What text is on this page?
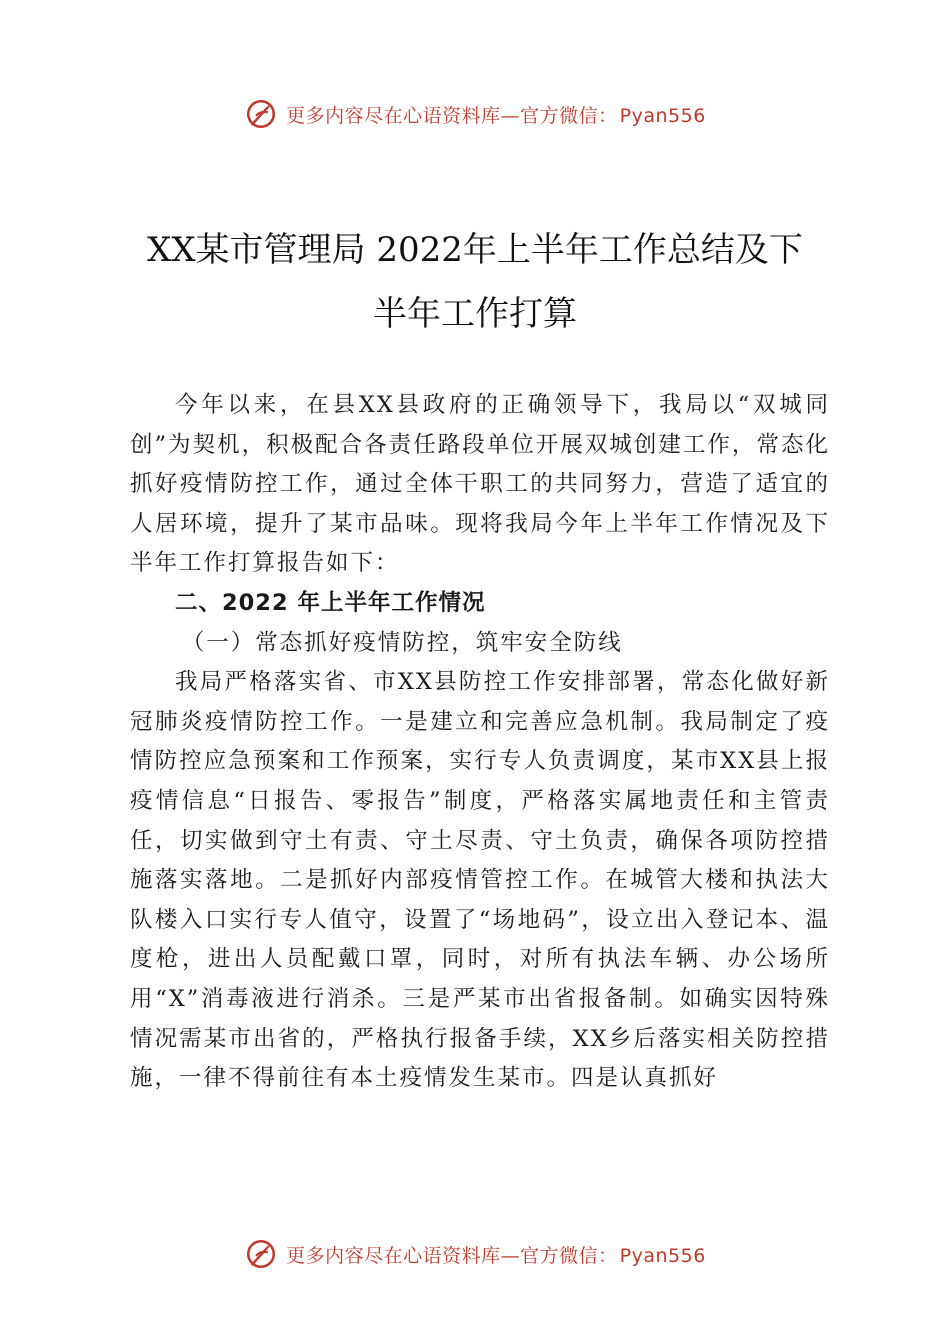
更多内容尽在心语资料库—官方微信： Pyan556
XX某市管理局 2022年上半年工作总结及下
半年工作打算

今年以来，在县XX县政府的正确领导下，我局以“双城同创”为契机，积极配合各责任路段单位开展双城创建工作，常态化抓好疫情防控工作，通过全体干职工的共同努力，营造了适宜的人居环境，提升了某市品味。现将我局今年上半年工作情况及下半年工作打算报告如下：

二、2022 年上半年工作情况
（一）常态抓好疫情防控，筑牢安全防线

我局严格落实省、市XX县防控工作安排部署，常态化做好新冠肺炎疫情防控工作。一是建立和完善应急机制。我局制定了疫情防控应急预案和工作预案，实行专人负责调度，某市XX县上报疫情信息“日报告、零报告”制度，严格落实属地责任和主管责任，切实做到守土有责、守土尽责、守土负责，确保各项防控措施落实落地。二是抓好内部疫情管控工作。在城管大楼和执法大队楼入口实行专人值守，设置了“场地码”，设立出入登记本、温度枪，进出人员配戴口罩，同时，对所有执法车辆、办公场所用“X”消毒液进行消杀。三是严某市出省报备制。如确实因特殊情况需某市出省的，严格执行报备手续，XX乡后落实相关防控措施，一律不得前往有本土疫情发生某市。四是认真抓好

更多内容尽在心语资料库—官方微信： Pyan556
